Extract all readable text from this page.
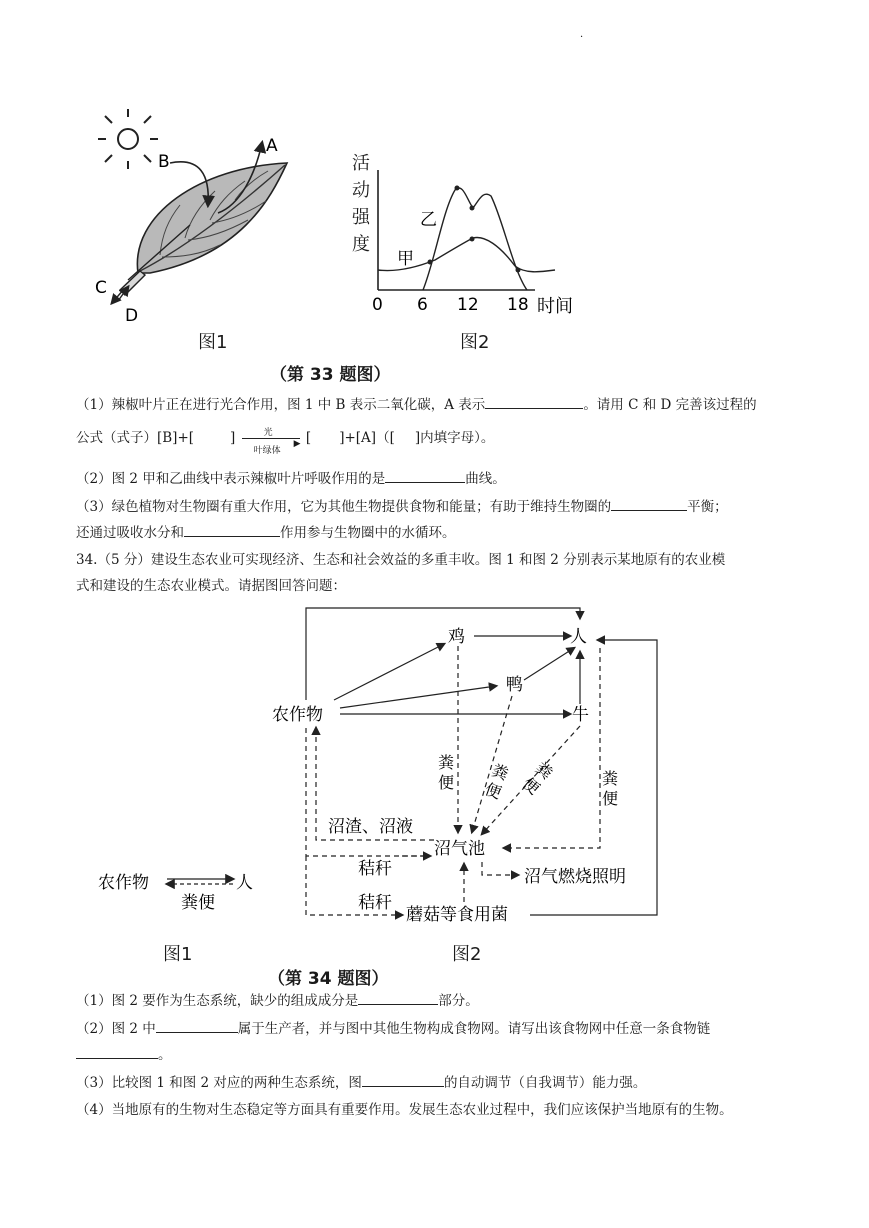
·
B
A
C
D
图1
乙
甲
0 6 12 18 时间
活
动
强
度
图2
（第 33 题图）
（1）辣椒叶片正在进行光合作用，图 1 中 B 表示二氧化碳，A 表示	。请用 C 和 D 完善该过程的
公式（式子）[B]+[	]	光
▶
叶绿体
[ ]+[A]（[ ]内填字母）。
（2）图 2 甲和乙曲线中表示辣椒叶片呼吸作用的是	曲线。
（3）绿色植物对生物圈有重大作用，它为其他生物提供食物和能量；有助于维持生物圈的	平衡；
还通过吸收水分和	作用参与生物圈中的水循环。
34.（5 分）建设生态农业可实现经济、生态和社会效益的多重丰收。图 1 和图 2 分别表示某地原有的农业模
式和建设的生态农业模式。请据图回答问题：
农作物	人
粪便
图1
鸡	人
鸭
农作物	牛
沼气池
沼渣、沼液
秸秆
秸秆
沼气燃烧照明
蘑菇等食用菌
粪便	粪便
粪便
粪便
图2
（第 34 题图）
（1）图 2 要作为生态系统，缺少的组成成分是	部分。
（2）图 2 中	属于生产者，并与图中其他生物构成食物网。请写出该食物网中任意一条食物链
。
（3）比较图 1 和图 2 对应的两种生态系统，图	的自动调节（自我调节）能力强。
（4）当地原有的生物对生态稳定等方面具有重要作用。发展生态农业过程中，我们应该保护当地原有的生物。
